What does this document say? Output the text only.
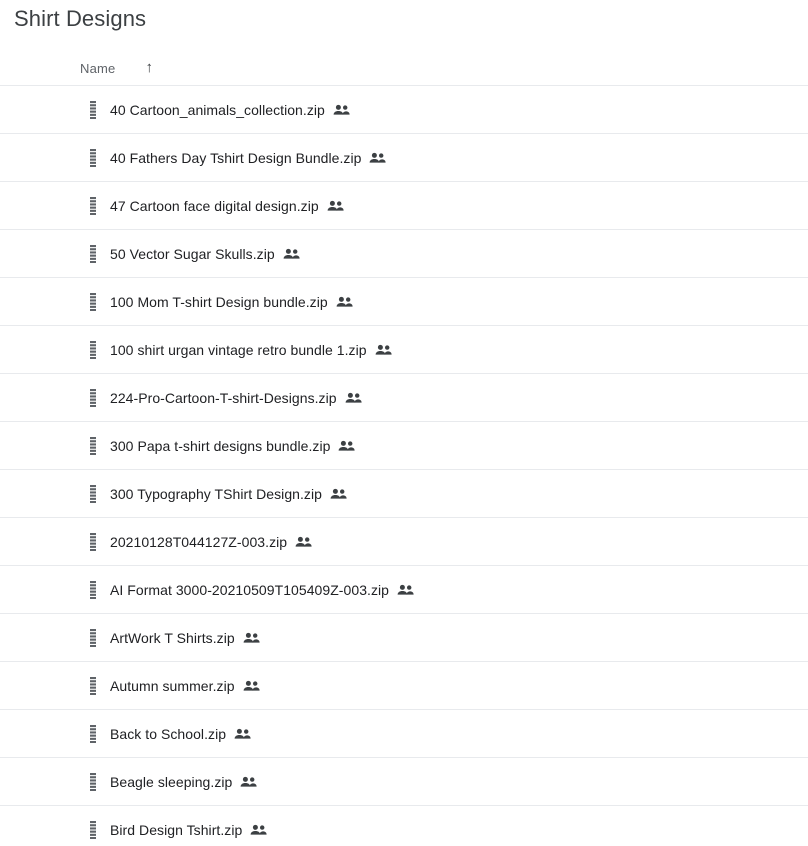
Shirt Designs
Name ↑
40 Cartoon_animals_collection.zip
40 Fathers Day Tshirt Design Bundle.zip
47 Cartoon face digital design.zip
50 Vector Sugar Skulls.zip
100 Mom T-shirt Design bundle.zip
100 shirt urgan vintage retro bundle 1.zip
224-Pro-Cartoon-T-shirt-Designs.zip
300 Papa t-shirt designs bundle.zip
300 Typography TShirt Design.zip
20210128T044127Z-003.zip
AI Format 3000-20210509T105409Z-003.zip
ArtWork T Shirts.zip
Autumn summer.zip
Back to School.zip
Beagle sleeping.zip
Bird Design Tshirt.zip
